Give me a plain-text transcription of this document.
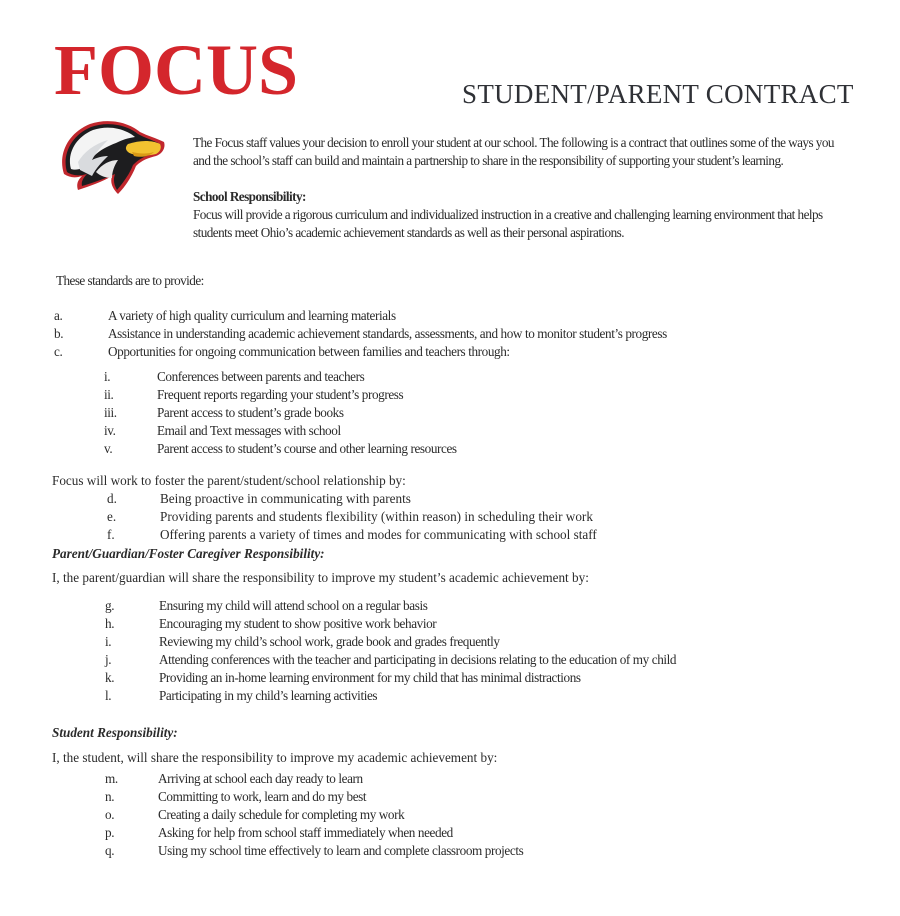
FOCUS	STUDENT/PARENT CONTRACT

The Focus staff values your decision to enroll your student at our school. The following is a contract that outlines some of the ways you

and the school’s staff can build and maintain a partnership to share in the responsibility of supporting your student’s learning.

School Responsibility:

Focus will provide a rigorous curriculum and individualized instruction in a creative and challenging learning environment that helps

students meet Ohio’s academic achievement standards as well as their personal aspirations.

These standards are to provide:
a.	A variety of high quality curriculum and learning materials
b.	Assistance in understanding academic achievement standards, assessments, and how to monitor student’s progress
c.	Opportunities for ongoing communication between families and teachers through:
i.	Conferences between parents and teachers
ii.	Frequent reports regarding your student’s progress
iii.	Parent access to student’s grade books
iv.	Email and Text messages with school
v.	Parent access to student’s course and other learning resources
Focus will work to foster the parent/student/school relationship by:
d.	Being proactive in communicating with parents
e.	Providing parents and students flexibility (within reason) in scheduling their work
f.	Offering parents a variety of times and modes for communicating with school staff
Parent/Guardian/Foster Caregiver Responsibility:
I, the parent/guardian will share the responsibility to improve my student’s academic achievement by:
g.	Ensuring my child will attend school on a regular basis
h.	Encouraging my student to show positive work behavior
i.	Reviewing my child’s school work, grade book and grades frequently
j.	Attending conferences with the teacher and participating in decisions relating to the education of my child
k.	Providing an in-home learning environment for my child that has minimal distractions
l.	Participating in my child’s learning activities
Student Responsibility:
I, the student, will share the responsibility to improve my academic achievement by:
m.	Arriving at school each day ready to learn
n.	Committing to work, learn and do my best
o.	Creating a daily schedule for completing my work
p.	Asking for help from school staff immediately when needed
q.	Using my school time effectively to learn and complete classroom projects
